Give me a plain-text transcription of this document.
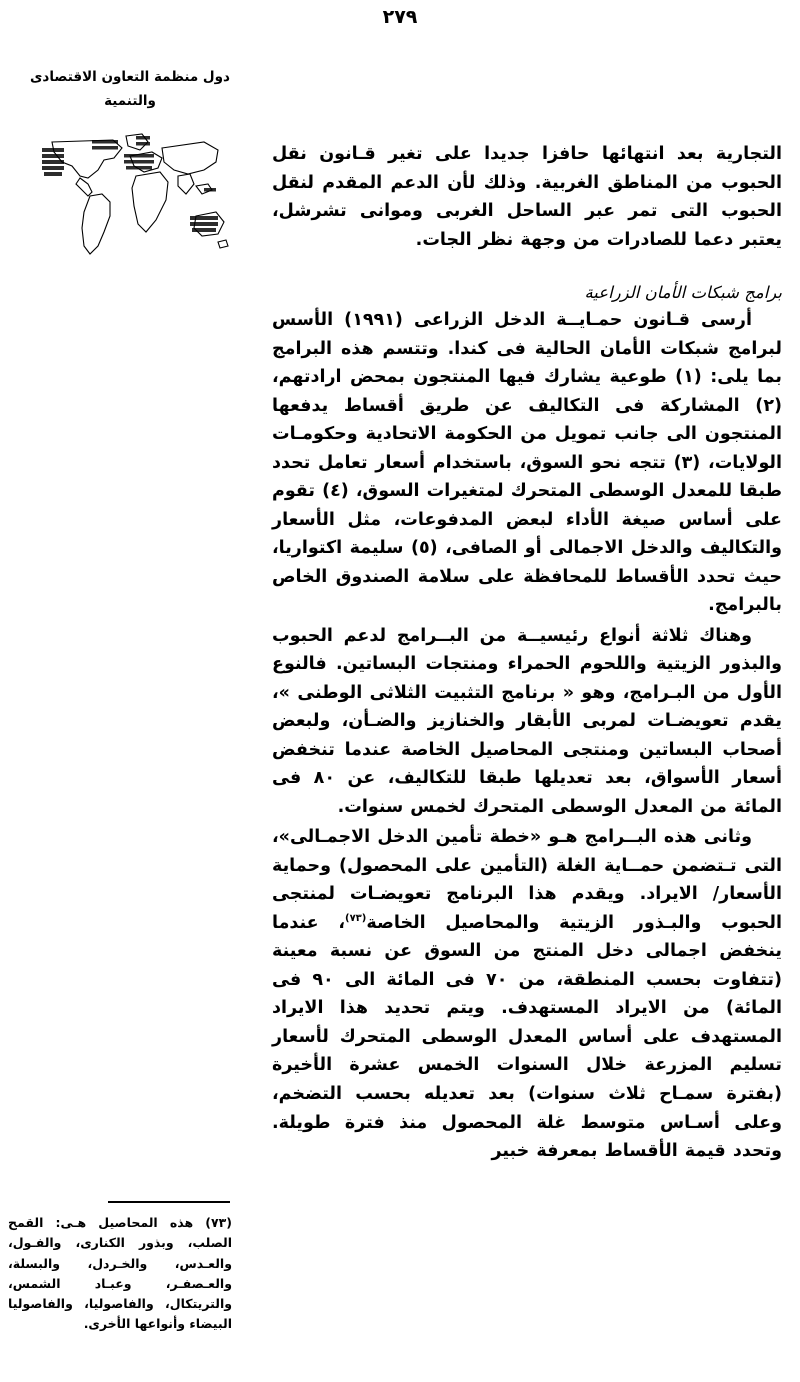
٢٧٩
دول منظمة التعاون الاقتصادى
والتنمية
(٧٣) هذه المحاصيل هـى: القمح الصلب، وبذور الكنارى، والفـول، والعـدس، والخـردل، والبسلة، والعـصفـر، وعبـاد الشمس، والتريتكال، والفاصوليا، والفاصوليا البيضاء وأنواعها الأخرى.

التجارية بعد انتهائها حافزا جديدا على تغير قـانون نقل الحبوب من المناطق الغربية. وذلك لأن الدعم المقدم لنقل الحبوب التى تمر عبر الساحل الغربى وموانى تشرشل، يعتبر دعما للصادرات من وجهة نظر الجات.

برامج شبكات الأمان الزراعية

أرسى قـانون حمـايــة الدخل الزراعى (١٩٩١) الأسس لبرامج شبكات الأمان الحالية فى كندا. وتتسم هذه البرامج بما يلى: (١) طوعية يشارك فيها المنتجون بمحض ارادتهم، (٢) المشاركة فى التكاليف عن طريق أقساط يدفعها المنتجون الى جانب تمويل من الحكومة الاتحادية وحكومـات الولايات، (٣) تتجه نحو السوق، باستخدام أسعار تعامل تحدد طبقا للمعدل الوسطى المتحرك لمتغيرات السوق، (٤) تقوم على أساس صيغة الأداء لبعض المدفوعات، مثل الأسعار والتكاليف والدخل الاجمالى أو الصافى، (٥) سليمة اكتواريا، حيث تحدد الأقساط للمحافظة على سلامة الصندوق الخاص بالبرامج.

وهناك ثلاثة أنواع رئيسيــة من البــرامج لدعم الحبوب والبذور الزيتية واللحوم الحمراء ومنتجات البساتين. فالنوع الأول من البـرامج، وهو « برنامج التثبيت الثلاثى الوطنى »، يقدم تعويضـات لمربى الأبقار والخنازيز والضـأن، ولبعض أصحاب البساتين ومنتجى المحاصيل الخاصة عندما تنخفض أسعار الأسواق، بعد تعديلها طبقا للتكاليف، عن ٨٠ فى المائة من المعدل الوسطى المتحرك لخمس سنوات.

وثانى هذه البــرامج هـو «خطة تأمين الدخل الاجمـالى»، التى تـتضمن حمــاية الغلة (التأمين على المحصول) وحماية الأسعار/ الايراد. ويقدم هذا البرنامج تعويضـات لمنتجى الحبوب والبـذور الزيتية والمحاصيل الخاصة$^{(٧٣)}$، عندما ينخفض اجمالى دخل المنتج من السوق عن نسبة معينة (تتفاوت بحسب المنطقة، من ٧٠ فى المائة الى ٩٠ فى المائة) من الايراد المستهدف. ويتم تحديد هذا الايراد المستهدف على أساس المعدل الوسطى المتحرك لأسعار تسليم المزرعة خلال السنوات الخمس عشرة الأخيرة (بفترة سمـاح ثلاث سنوات) بعد تعديله بحسب التضخم، وعلى أسـاس متوسط غلة المحصول منذ فترة طويلة. وتحدد قيمة الأقساط بمعرفة خبير
